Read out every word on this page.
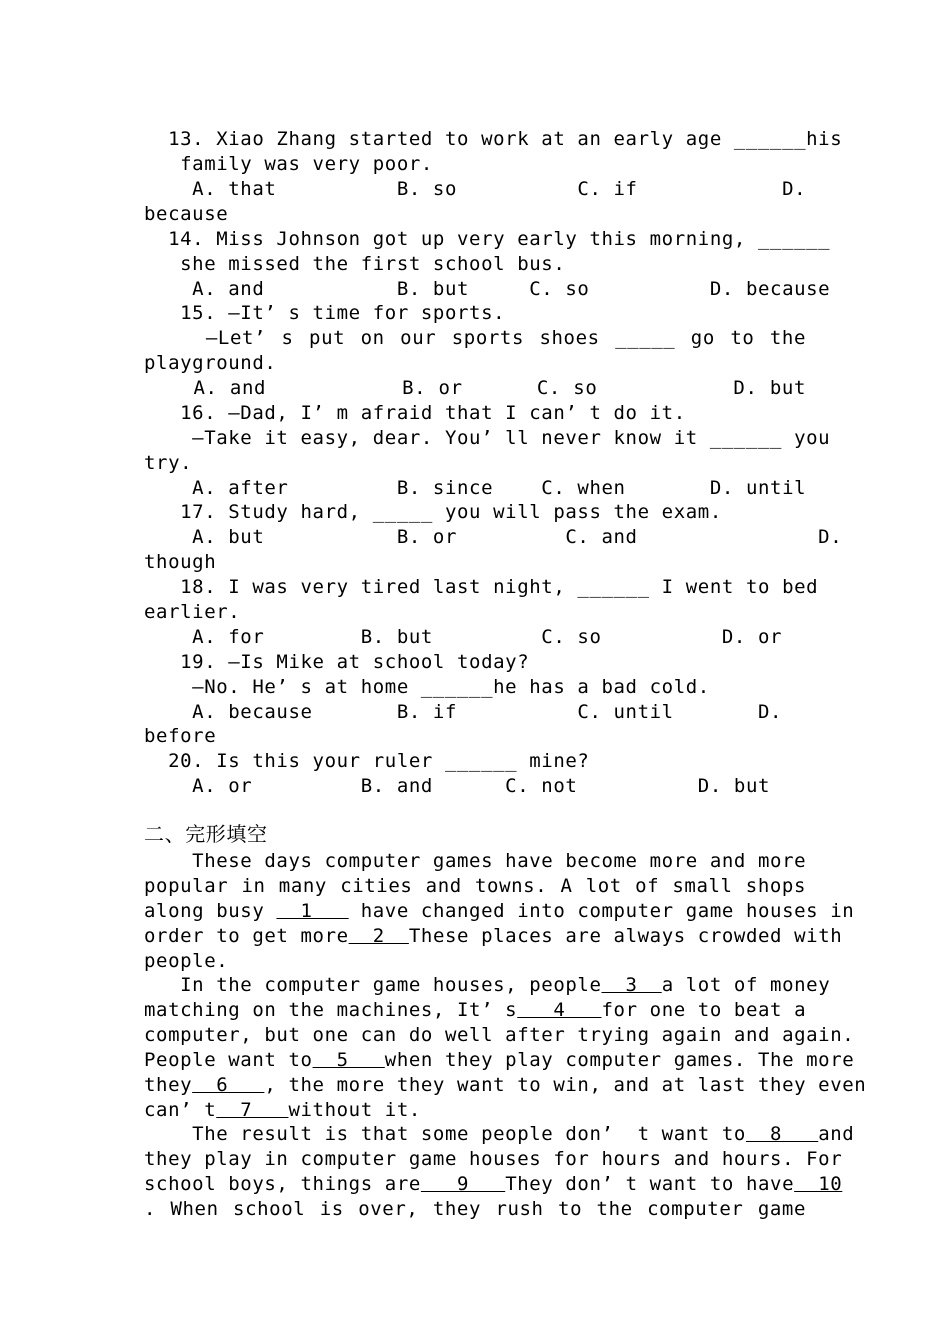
13. Xiao Zhang started to work at an early age ______his
family was very poor.
A. that          B. so          C. if            D.
because
14. Miss Johnson got up very early this morning, ______
she missed the first school bus.
A. and           B. but     C. so          D. because
15. —It’ s time for sports.
—Let’ s put on our sports shoes _____ go to the
playground.
A. and           B. or      C. so           D. but
16. —Dad, I’ m afraid that I can’ t do it.
—Take it easy, dear. You’ ll never know it ______ you
try.
A. after         B. since    C. when       D. until
17. Study hard, _____ you will pass the exam.
A. but           B. or         C. and               D.
though
18. I was very tired last night, ______ I went to bed
earlier.
A. for        B. but         C. so          D. or
19. —Is Mike at school today?
—No. He’ s at home ______he has a bad cold.
A. because       B. if          C. until       D.
before
20. Is this your ruler ______ mine?
A. or         B. and      C. not          D. but
二、完形填空
These days computer games have become more and more
popular in many cities and towns. A lot of small shops
along busy   1    have changed into computer game houses in
order to get more  2  These places are always crowded with
people.
In the computer game houses, people  3  a lot of money
matching on the machines, It’ s   4   for one to beat a
computer, but one can do well after trying again and again.
People want to  5   when they play computer games. The more
they  6   , the more they want to win, and at last they even
can’ t  7   without it.
The result is that some people don’  t want to  8   and
they play in computer game houses for hours and hours. For
school boys, things are   9   They don’ t want to have  10
. When school is over, they rush to the computer game
